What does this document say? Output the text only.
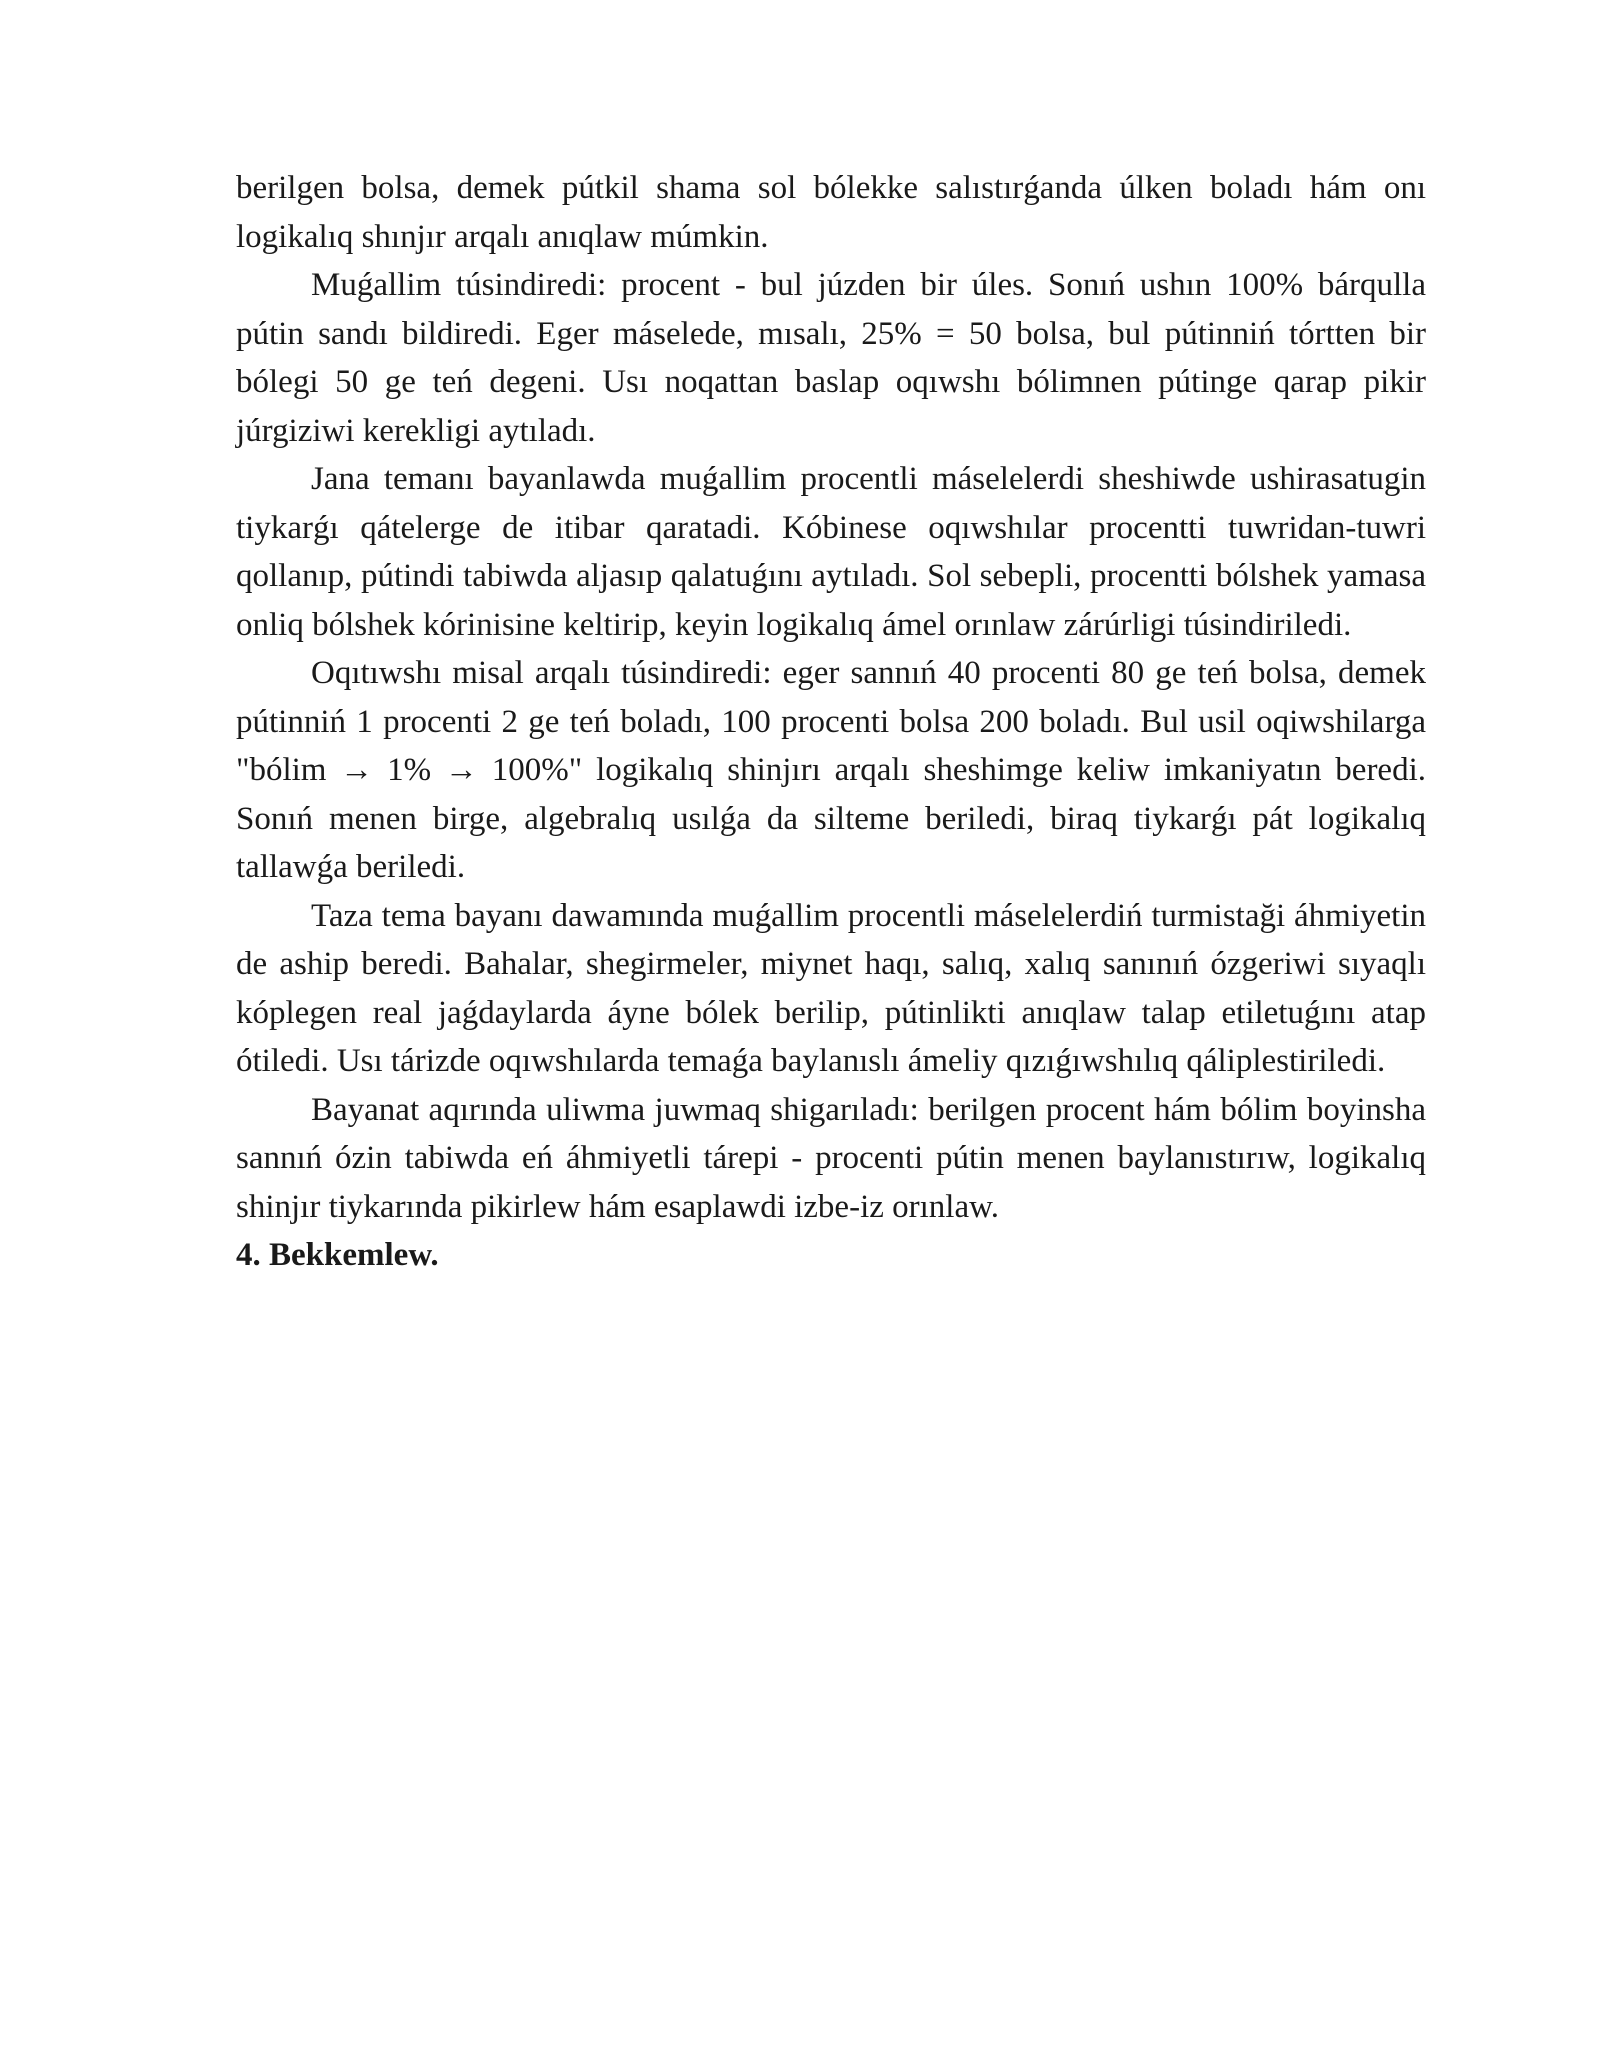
berilgen bolsa, demek pútkil shama sol bólekke salıstırǵanda úlken boladı hám onı logikalıq shınjır arqalı anıqlaw múmkin.

Muǵallim túsindiredi: procent - bul júzden bir úles. Sonıń ushın 100% bárqulla pútin sandı bildiredi. Eger máselede, mısalı, 25% = 50 bolsa, bul pútinniń tórtten bir bólegi 50 ge teń degeni. Usı noqattan baslap oqıwshı bólimnen pútinge qarap pikir júrgiziwi kerekligi aytıladı.

Jana temanı bayanlawda muǵallim procentli máselelerdi sheshiwde ushirasatugin tiykarǵı qátelerge de itibar qaratadi. Kóbinese oqıwshılar procentti tuwridan-tuwri qollanıp, pútindi tabiwda aljasıp qalatuǵını aytıladı. Sol sebepli, procentti bólshek yamasa onliq bólshek kórinisine keltirip, keyin logikalıq ámel orınlaw zárúrligi túsindiriledi.

Oqıtıwshı misal arqalı túsindiredi: eger sannıń 40 procenti 80 ge teń bolsa, demek pútinniń 1 procenti 2 ge teń boladı, 100 procenti bolsa 200 boladı. Bul usil oqiwshilarga "bólim → 1% → 100%" logikalıq shinjırı arqalı sheshimge keliw imkaniyatın beredi. Sonıń menen birge, algebralıq usılǵa da silteme beriledi, biraq tiykarǵı pát logikalıq tallawǵa beriledi.

Taza tema bayanı dawamında muǵallim procentli máselelerdiń turmistaği áhmiyetin de aship beredi. Bahalar, shegirmeler, miynet haqı, salıq, xalıq sanınıń ózgeriwi sıyaqlı kóplegen real jaǵdaylarda áyne bólek berilip, pútinlikti anıqlaw talap etiletuǵını atap ótiledi. Usı tárizde oqıwshılarda temaǵa baylanıslı ámeliy qızıǵıwshılıq qáliplestiriledi.

Bayanat aqırında uliwma juwmaq shigarıladı: berilgen procent hám bólim boyinsha sannıń ózin tabiwda eń áhmiyetli tárepi - procenti pútin menen baylanıstırıw, logikalıq shinjır tiykarında pikirlew hám esaplawdi izbe-iz orınlaw.

4. Bekkemlew.
